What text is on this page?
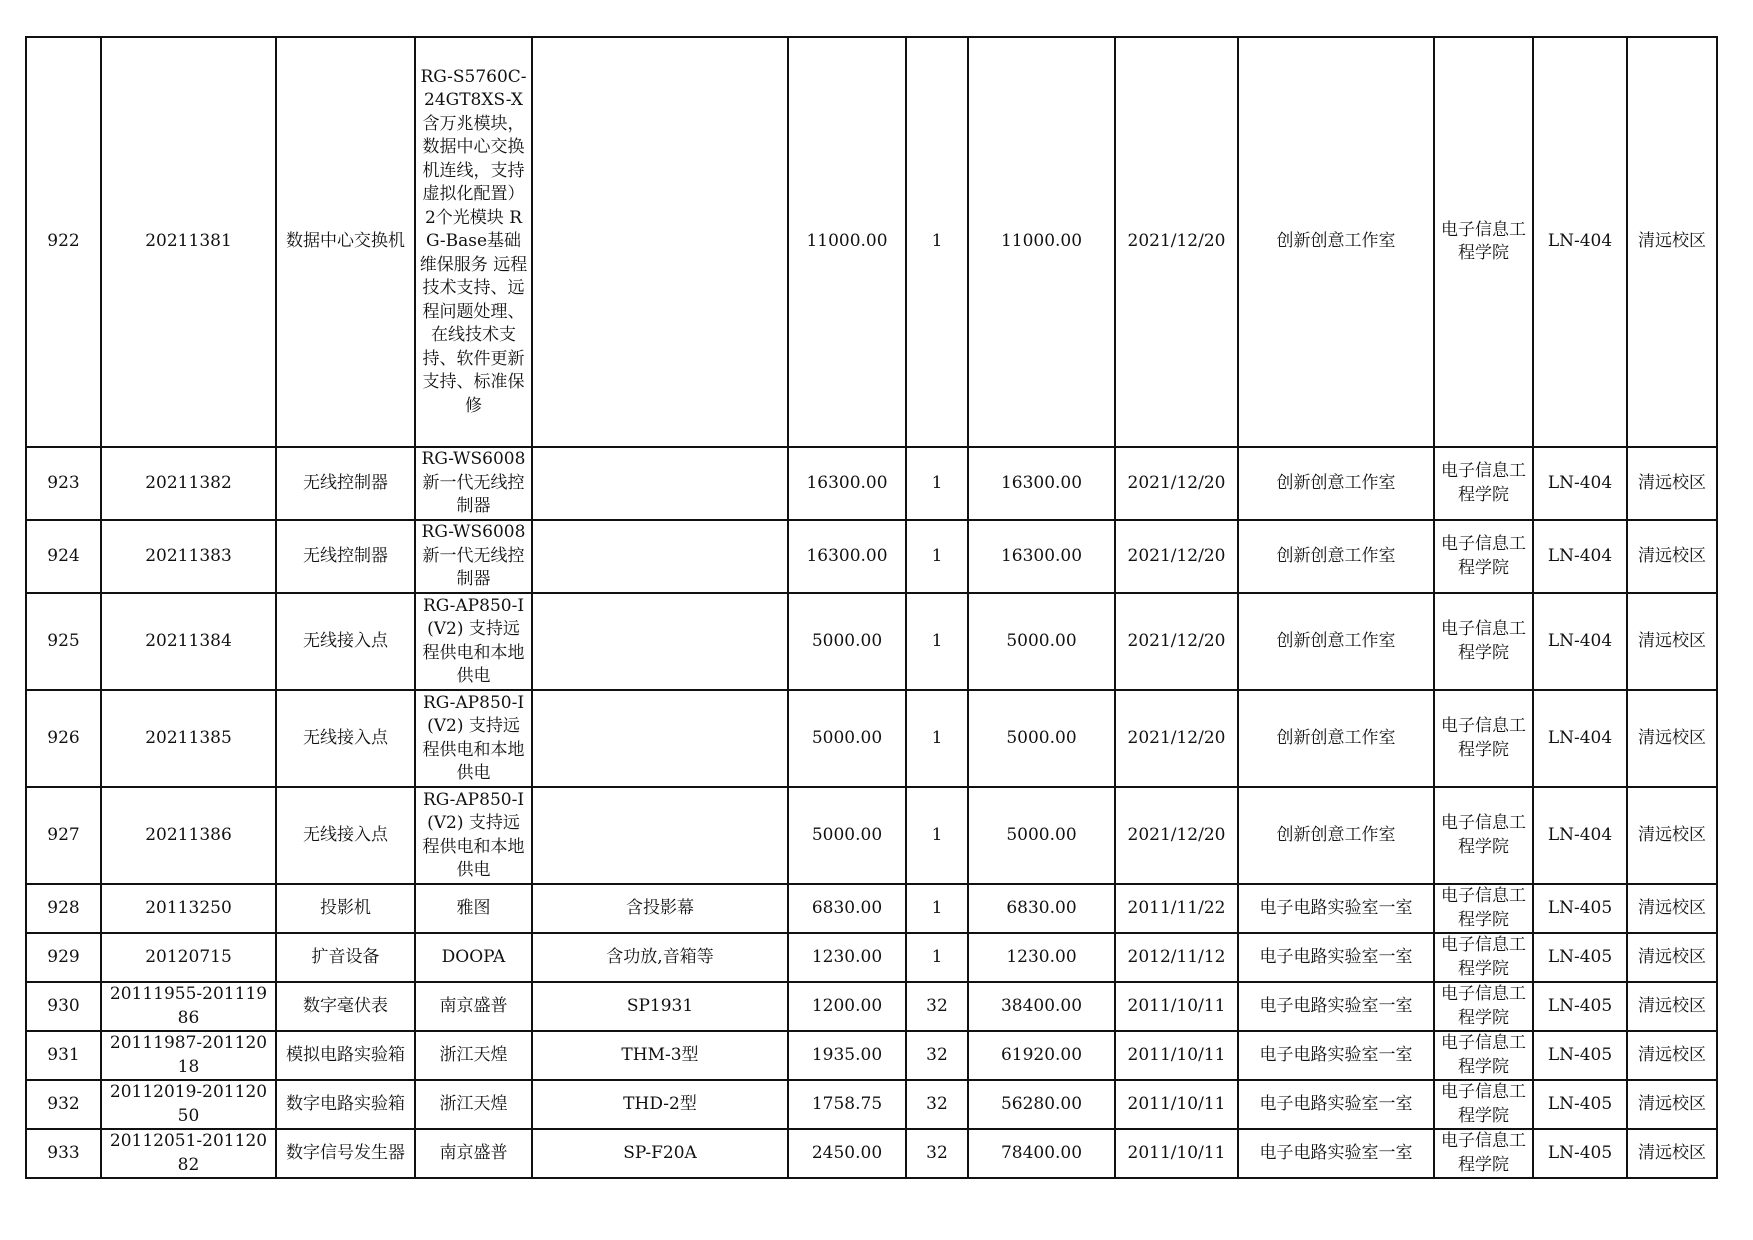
922	20211381	数据中心交换机	RG-S5760C-24GT8XS-X含万兆模块，数据中心交换机连线，支持虚拟化配置）2个光模块 RG-Base基础维保服务 远程技术支持、远程问题处理、在线技术支持、软件更新支持、标准保修		11000.00	1	11000.00	2021/12/20	创新创意工作室	电子信息工程学院	LN-404	清远校区
923	20211382	无线控制器	RG-WS6008新一代无线控制器		16300.00	1	16300.00	2021/12/20	创新创意工作室	电子信息工程学院	LN-404	清远校区
924	20211383	无线控制器	RG-WS6008新一代无线控制器		16300.00	1	16300.00	2021/12/20	创新创意工作室	电子信息工程学院	LN-404	清远校区
925	20211384	无线接入点	RG-AP850-I(V2) 支持远程供电和本地供电		5000.00	1	5000.00	2021/12/20	创新创意工作室	电子信息工程学院	LN-404	清远校区
926	20211385	无线接入点	RG-AP850-I(V2) 支持远程供电和本地供电		5000.00	1	5000.00	2021/12/20	创新创意工作室	电子信息工程学院	LN-404	清远校区
927	20211386	无线接入点	RG-AP850-I(V2) 支持远程供电和本地供电		5000.00	1	5000.00	2021/12/20	创新创意工作室	电子信息工程学院	LN-404	清远校区
928	20113250	投影机	雅图	含投影幕	6830.00	1	6830.00	2011/11/22	电子电路实验室一室	电子信息工程学院	LN-405	清远校区
929	20120715	扩音设备	DOOPA	含功放,音箱等	1230.00	1	1230.00	2012/11/12	电子电路实验室一室	电子信息工程学院	LN-405	清远校区
930	20111955-20111986	数字毫伏表	南京盛普	SP1931	1200.00	32	38400.00	2011/10/11	电子电路实验室一室	电子信息工程学院	LN-405	清远校区
931	20111987-20112018	模拟电路实验箱	浙江天煌	THM-3型	1935.00	32	61920.00	2011/10/11	电子电路实验室一室	电子信息工程学院	LN-405	清远校区
932	20112019-20112050	数字电路实验箱	浙江天煌	THD-2型	1758.75	32	56280.00	2011/10/11	电子电路实验室一室	电子信息工程学院	LN-405	清远校区
933	20112051-20112082	数字信号发生器	南京盛普	SP-F20A	2450.00	32	78400.00	2011/10/11	电子电路实验室一室	电子信息工程学院	LN-405	清远校区
